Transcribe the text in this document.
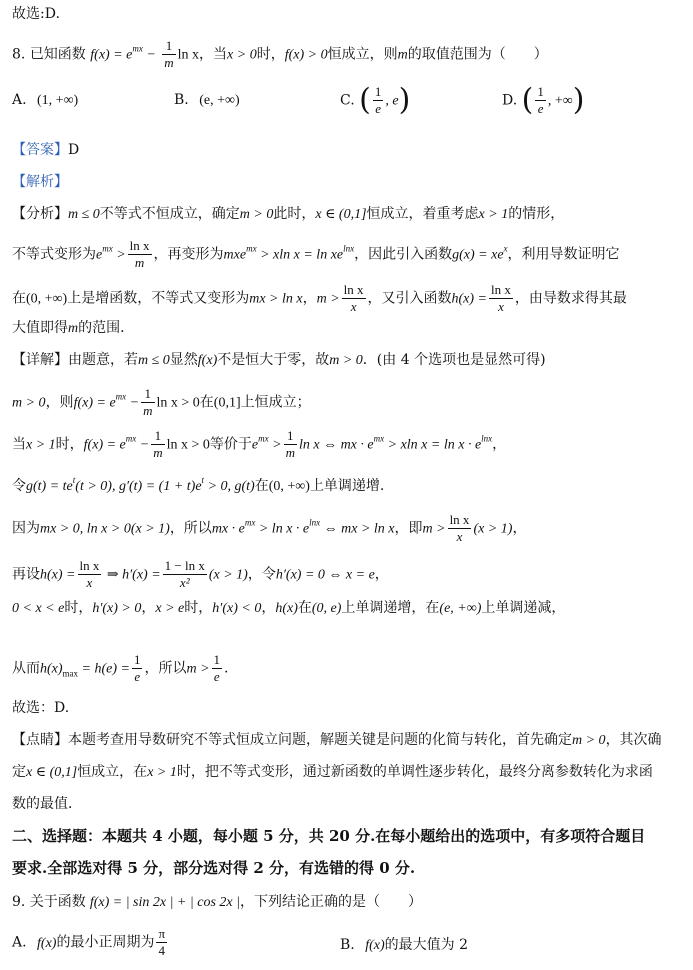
故选:D.
8. 已知函数 $f(x) = e^{mx} - \frac{1}{m}$ ln x，当x > 0时，f(x) > 0恒成立，则m的取值范围为（　　）
A. (1, +∞)	B. (e, +∞)	C. ( $\frac{1}{e}$ , e)	D. ( $\frac{1}{e}$ , +∞)
【答案】D
【解析】
【分析】m ≤ 0不等式不恒成立，确定m > 0此时，x ∈ (0,1]恒成立，着重考虑x > 1的情形，
不等式变形为$e^{mx} > \frac{\text{ln x}}{m}$ ，再变形为mxe$^{mx}$ > xln $x = \ln xe^{lnx}$，因此引入函数$g(x) = xe^x$，利用导数证明它
在(0, +∞)上是增函数，不等式又变形为mx > ln x，$m > \frac{\text{ln x}}{x}$ ，又引入函数$h(x) = \frac{\text{ln x}}{x}$ ，由导数求得其最
大值即得m的范围．
【详解】由题意，若m ≤ 0显然f(x)不是恒大于零，故m > 0．(由 4 个选项也是显然可得)
m > 0，则$f(x) = e^{mx} - \frac{1}{m}$ ln x > 0在(0,1]上恒成立；
当x > 1时，$f(x) = e^{mx} - \frac{1}{m}$ ln x > 0等价于$e^{mx} > \frac{1}{m}$ ln x ⇔ mx · $e^{mx} > xln$ $x = \ln x \cdot e^{lnx}$，
令$g(t) = te^t(t > 0)$, $g'(t) = (1 + t)e^t > 0$, g(t)在(0, +∞)上单调递增.
因为mx > 0, ln x > 0(x > 1)，所以mx · $e^{mx} > \ln x \cdot e^{lnx}$ ⇔ mx > ln x，即$m > \frac{\text{ln x}}{x} (x > 1)$，
再设$h(x) = \frac{\text{ln x}}{x}$ ⇒ $h'(x) = \frac{\text{1 − ln x}}{\text{x²}} (x > 1)$，令h′(x) = 0 ⇔ x = e，
0 < x < e时，h′(x) > 0，x > e时，h′(x) < 0，h(x)在(0, e)上单调递增，在(e, +∞)上单调递减，
从而$h(x)_{max} = h(e) = \frac{1}{e}$ ，所以$m > \frac{1}{e}$ .
故选：D.
【点睛】本题考查用导数研究不等式恒成立问题，解题关键是问题的化简与转化，首先确定m > 0，其次确
定x ∈ (0,1]恒成立，在x > 1时，把不等式变形，通过新函数的单调性逐步转化，最终分离参数转化为求函
数的最值．
二、选择题：本题共 4 小题，每小题 5 分，共 20 分.在每小题给出的选项中，有多项符合题目
要求.全部选对得 5 分，部分选对得 2 分，有选错的得 0 分.
9. 关于函数 f(x) = | sin 2x | + | cos 2x |，下列结论正确的是（　　）
A. f(x)的最小正周期为 $\frac{\pi}{4}$	B. f(x)的最大值为 2
